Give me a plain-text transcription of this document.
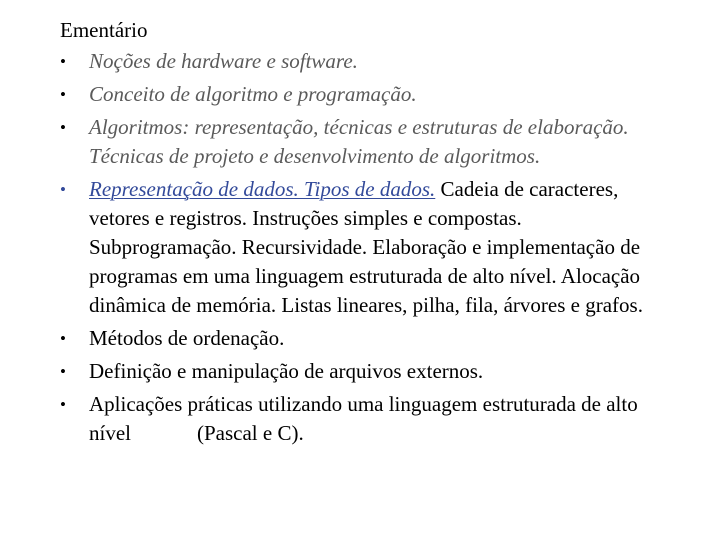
Ementário
• Noções de hardware e software.
• Conceito de algoritmo e programação.
• Algoritmos: representação, técnicas e estruturas de elaboração. Técnicas de projeto e desenvolvimento de algoritmos.
• Representação de dados. Tipos de dados. Cadeia de caracteres, vetores e registros. Instruções simples e compostas. Subprogramação. Recursividade. Elaboração e implementação de programas em uma linguagem estruturada de alto nível. Alocação dinâmica de memória. Listas lineares, pilha, fila, árvores e grafos.
• Métodos de ordenação.
• Definição e manipulação de arquivos externos.
• Aplicações práticas utilizando uma linguagem estruturada de alto nível	(Pascal e C).
